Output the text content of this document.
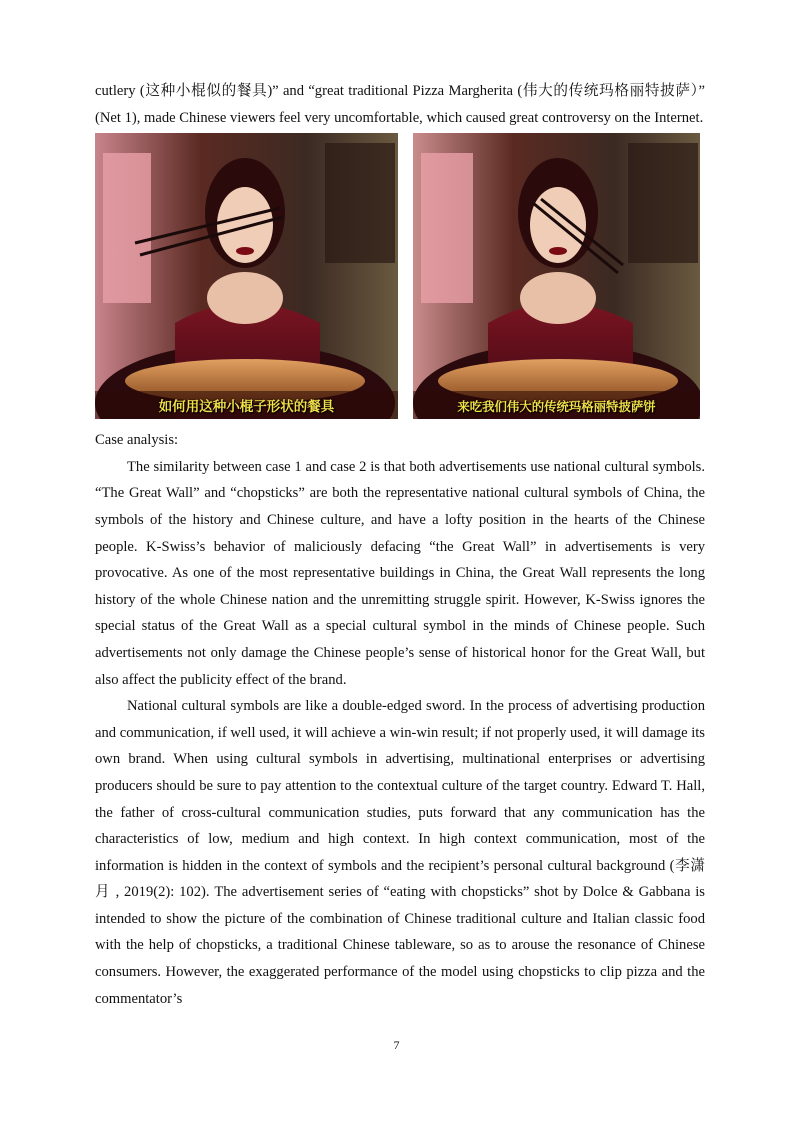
cutlery (这种小棍似的餐具)” and “great traditional Pizza Margherita (伟大的传统玛格丽特披萨）” (Net 1), made Chinese viewers feel very uncomfortable, which caused great controversy on the Internet.

如何用这种小棍子形状的餐具	来吃我们伟大的传统玛格丽特披萨饼

Case analysis:

The similarity between case 1 and case 2 is that both advertisements use national cultural symbols. “The Great Wall” and “chopsticks” are both the representative national cultural symbols of China, the symbols of the history and Chinese culture, and have a lofty position in the hearts of the Chinese people. K-Swiss’s behavior of maliciously defacing “the Great Wall” in advertisements is very provocative. As one of the most representative buildings in China, the Great Wall represents the long history of the whole Chinese nation and the unremitting struggle spirit. However, K-Swiss ignores the special status of the Great Wall as a special cultural symbol in the minds of Chinese people. Such advertisements not only damage the Chinese people’s sense of historical honor for the Great Wall, but also affect the publicity effect of the brand.

National cultural symbols are like a double-edged sword. In the process of advertising production and communication, if well used, it will achieve a win-win result; if not properly used, it will damage its own brand. When using cultural symbols in advertising, multinational enterprises or advertising producers should be sure to pay attention to the contextual culture of the target country. Edward T. Hall, the father of cross-cultural communication studies, puts forward that any communication has the characteristics of low, medium and high context. In high context communication, most of the information is hidden in the context of symbols and the recipient’s personal cultural background (李潇月 , 2019(2): 102). The advertisement series of “eating with chopsticks” shot by Dolce & Gabbana is intended to show the picture of the combination of Chinese traditional culture and Italian classic food with the help of chopsticks, a traditional Chinese tableware, so as to arouse the resonance of Chinese consumers. However, the exaggerated performance of the model using chopsticks to clip pizza and the commentator’s

7
